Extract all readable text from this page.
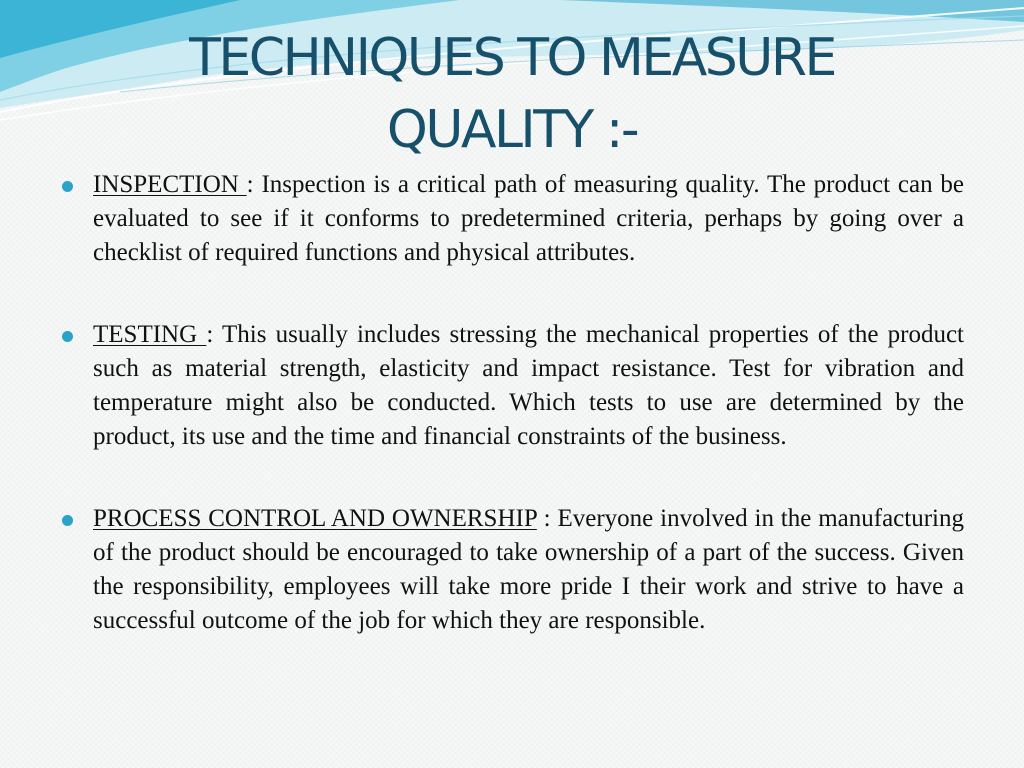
TECHNIQUES TO MEASURE
QUALITY :-
INSPECTION : Inspection is a critical path of measuring quality. The product can be evaluated to see if it conforms to predetermined criteria, perhaps by going over a checklist of required functions and physical attributes.
TESTING : This usually includes stressing the mechanical properties of the product such as material strength, elasticity and impact resistance. Test for vibration and temperature might also be conducted. Which tests to use are determined by the product, its use and the time and financial constraints of the business.
PROCESS CONTROL AND OWNERSHIP : Everyone involved in the manufacturing of the product should be encouraged to take ownership of a part of the success. Given the responsibility, employees will take more pride I their work and strive to have a successful outcome of the job for which they are responsible.
